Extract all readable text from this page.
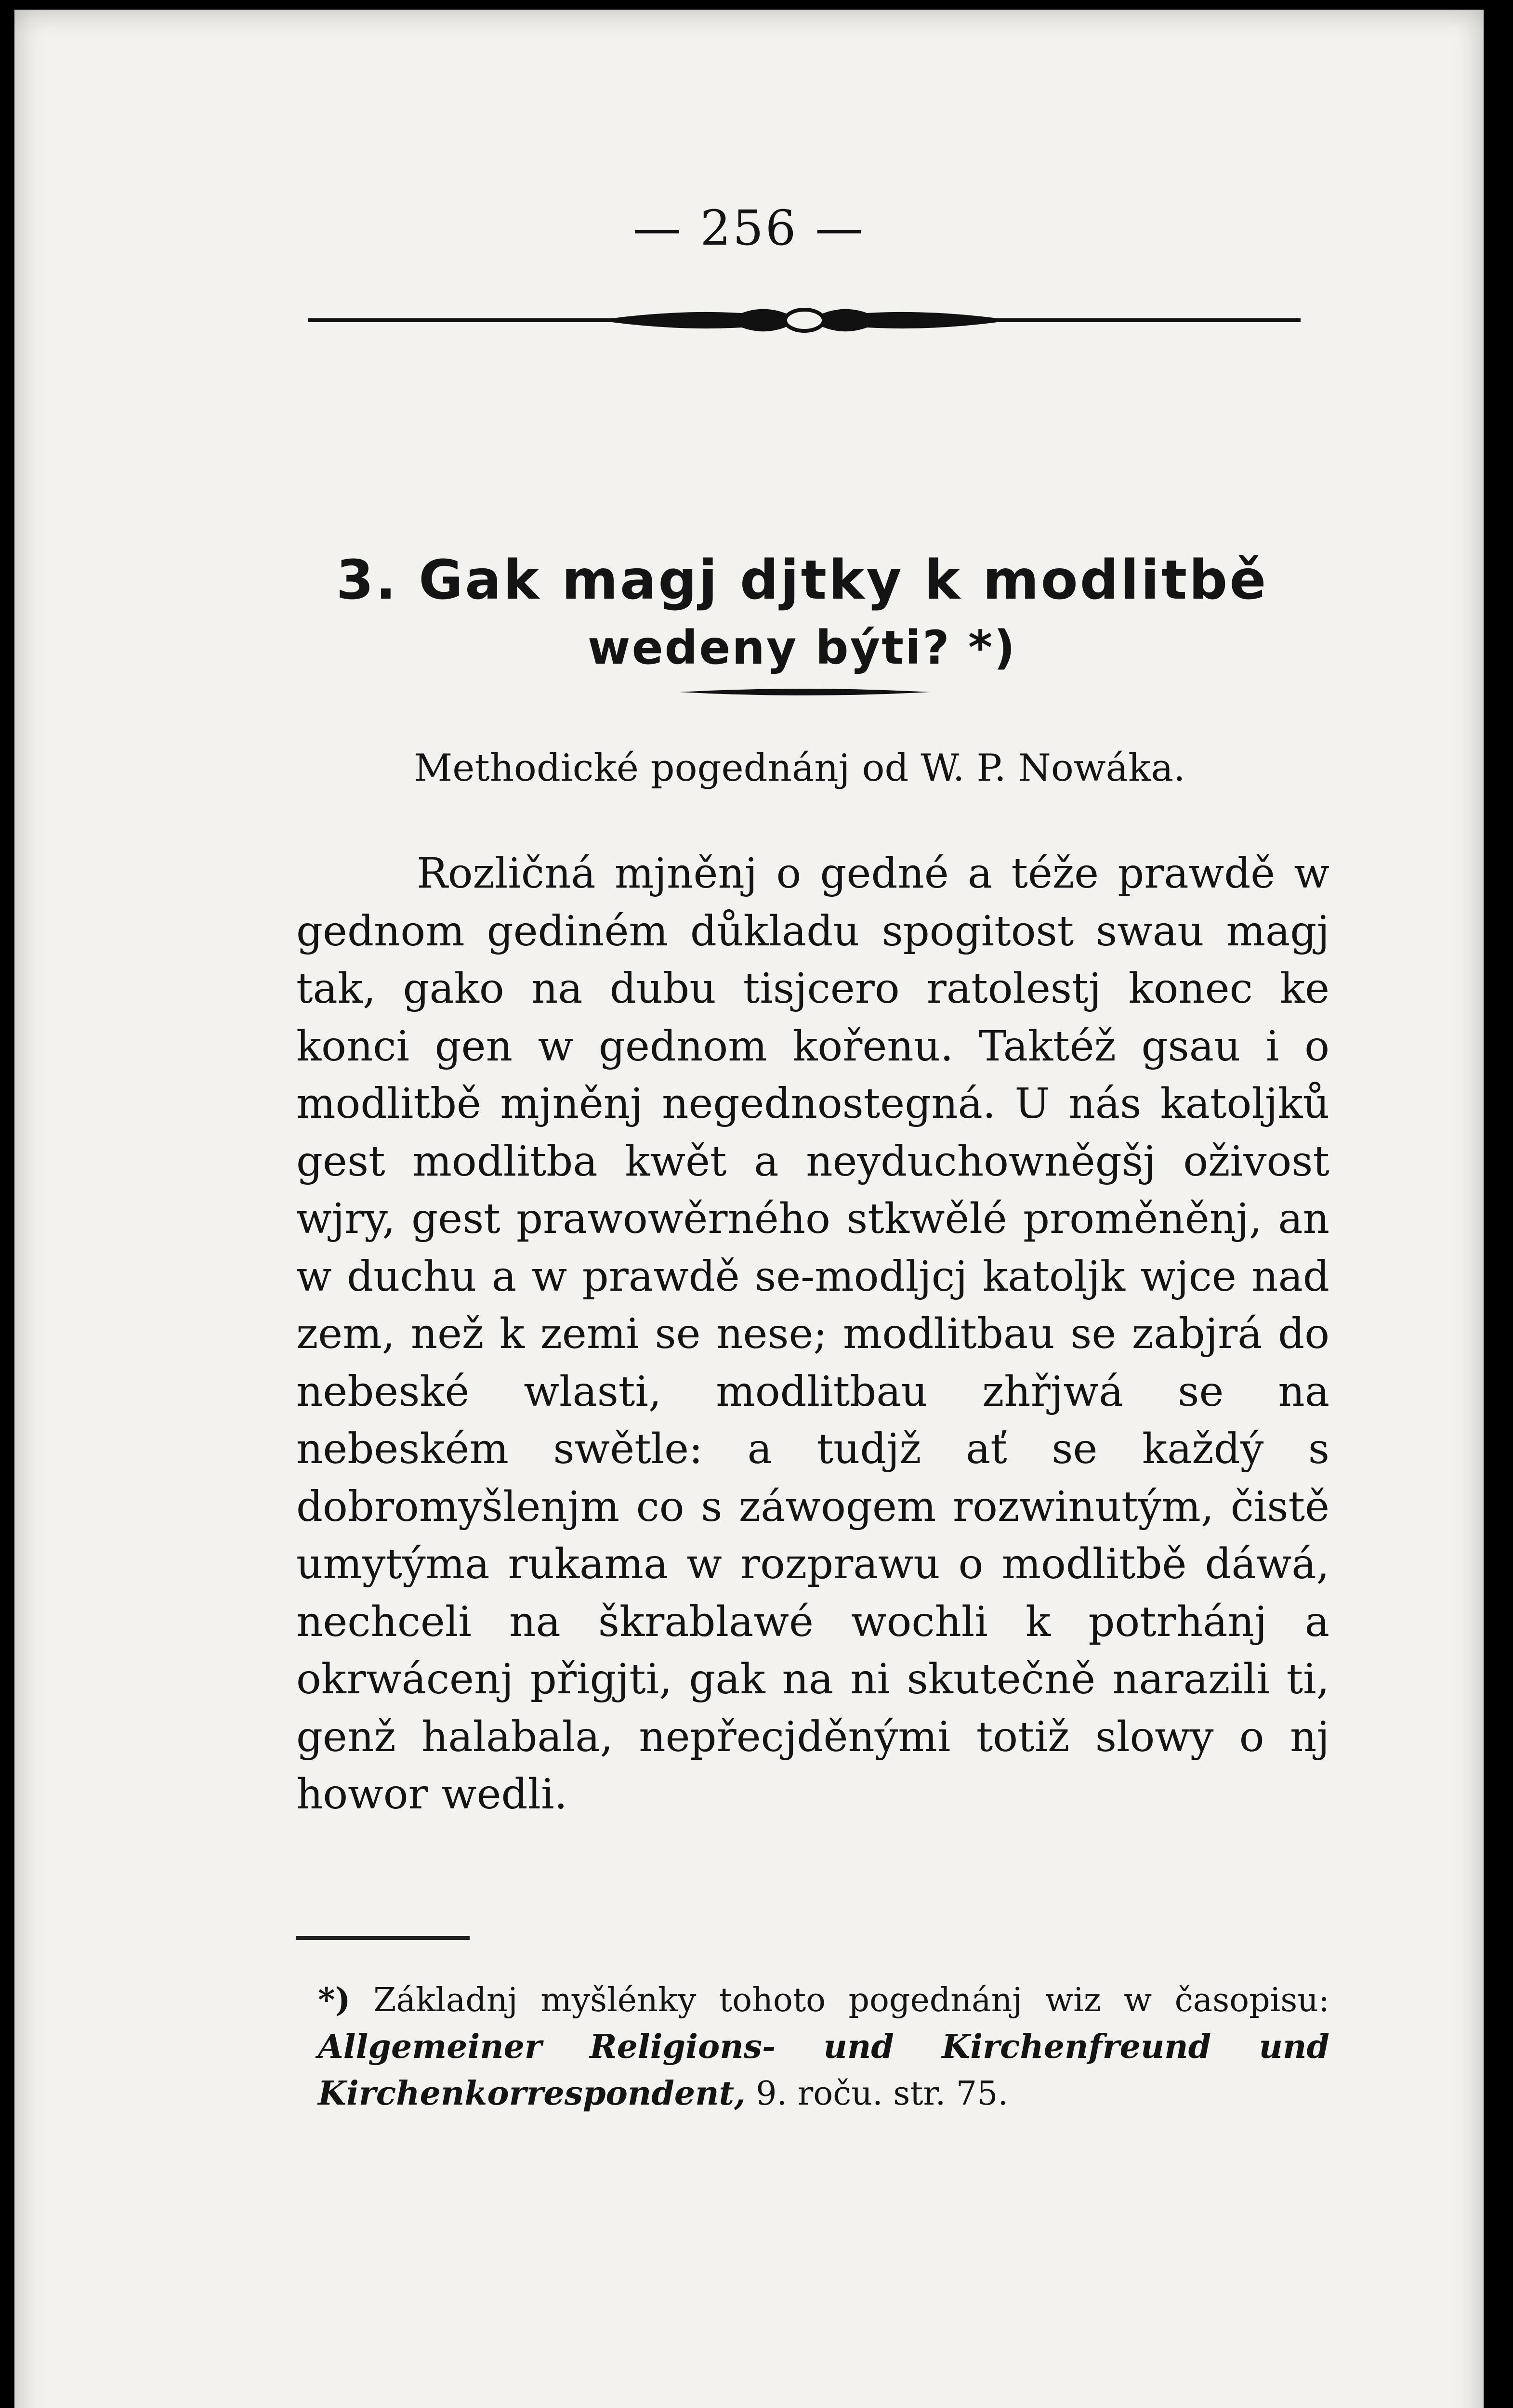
— 256 —
3. Gak magj djtky k modlitbě
wedeny býti? *)
Methodické pogednánj od W. P. Nowáka.

Rozličná mjněnj o gedné a téže prawdě w gednom gediném důkladu spogitost swau magj tak, gako na dubu tisjcero ratolestj konec ke konci gen w gednom kořenu. Taktéž gsau i o modlitbě mjněnj negednostegná. U nás katoljků gest modlitba kwět a neyduchowněgšj oživost wjry, gest prawowěrného stkwělé proměněnj, an w duchu a w prawdě se-modljcj katoljk wjce nad zem, než k zemi se nese; modlitbau se zabjrá do nebeské wlasti, modlitbau zhřjwá se na nebeském swětle: a tudjž ať se každý s dobromyšlenjm co s záwogem rozwinutým, čistě umytýma rukama w rozprawu o modlitbě dáwá, nechceli na škrablawé wochli k potrhánj a okrwácenj přigjti, gak na ni skutečně narazili ti, genž halabala, nepřecjděnými totiž slowy o nj howor wedli.

*) Základnj myšlénky tohoto pogednánj wiz w časopisu: Allgemeiner Religions- und Kirchenfreund und Kirchenkorrespondent, 9. roču. str. 75.
